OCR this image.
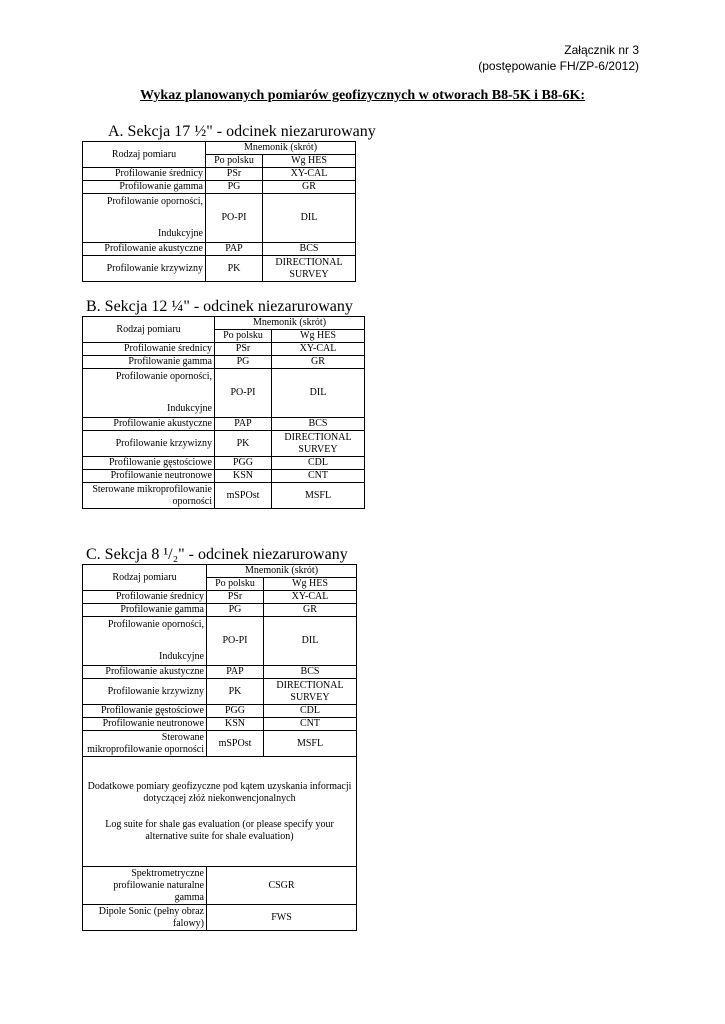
Załącznik nr 3
(postępowanie FH/ZP-6/2012)
Wykaz planowanych pomiarów geofizycznych w otworach B8-5K i B8-6K:
A. Sekcja 17 ½" - odcinek niezarurowany
Rodzaj pomiaru	Mnemonik (skrót)	
	Po polsku	Wg HES
Profilowanie średnicy	PŚr	XY-CAL
Profilowanie gamma	PG	GR

Profilowanie oporności,
Indukcyjne	PO-PI	DIL
Profilowanie akustyczne	PAP	BCS
Profilowanie krzywizny	PK	DIRECTIONAL SURVEY
B. Sekcja 12 ¼" - odcinek niezarurowany
Rodzaj pomiaru	Mnemonik (skrót)	
	Po polsku	Wg HES
Profilowanie średnicy	PŚr	XY-CAL
Profilowanie gamma	PG	GR

Profilowanie oporności,
Indukcyjne	PO-PI	DIL
Profilowanie akustyczne	PAP	BCS
Profilowanie krzywizny	PK	DIRECTIONAL SURVEY
Profilowanie gęstościowe	PGG	CDL
Profilowanie neutronowe	KSN	CNT
Sterowane mikroprofilowanie oporności	mSPOst	MSFL
C. Sekcja 8 ¹/₂" - odcinek niezarurowany
Rodzaj pomiaru	Mnemonik (skrót)	
	Po polsku	Wg HES
Profilowanie średnicy	PŚr	XY-CAL
Profilowanie gamma	PG	GR

Profilowanie oporności,
Indukcyjne	PO-PI	DIL
Profilowanie akustyczne	PAP	BCS
Profilowanie krzywizny	PK	DIRECTIONAL SURVEY
Profilowanie gęstościowe	PGG	CDL
Profilowanie neutronowe	KSN	CNT
Sterowane mikroprofilowanie oporności	mSPOst	MSFL

Dodatkowe pomiary geofizyczne pod kątem uzyskania informacji dotyczącej złóż niekonwencjonalnych

Log suite for shale gas evaluation (or please specify your alternative suite for shale evaluation)		

Spektrometryczne profilowanie naturalne gamma	CSGR	
Dipole Sonic (pełny obraz falowy)	FWS	
